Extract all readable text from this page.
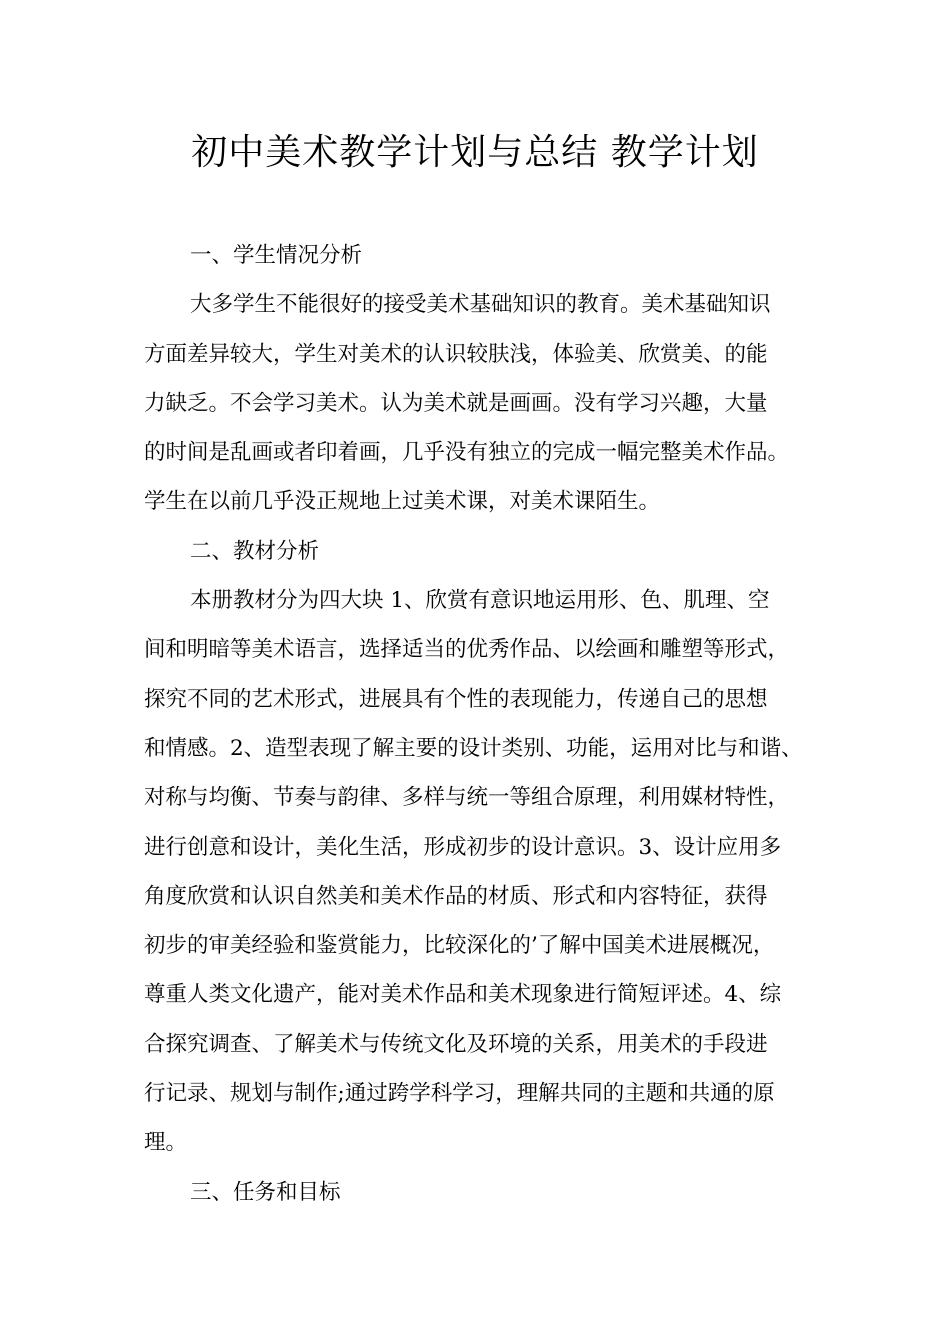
初中美术教学计划与总结 教学计划

一、学生情况分析

大多学生不能很好的接受美术基础知识的教育。美术基础知识

方面差异较大，学生对美术的认识较肤浅，体验美、欣赏美、的能

力缺乏。不会学习美术。认为美术就是画画。没有学习兴趣，大量

的时间是乱画或者印着画，几乎没有独立的完成一幅完整美术作品。

学生在以前几乎没正规地上过美术课，对美术课陌生。

二、教材分析

本册教材分为四大块 1、欣赏有意识地运用形、色、肌理、空

间和明暗等美术语言，选择适当的优秀作品、以绘画和雕塑等形式，

探究不同的艺术形式，进展具有个性的表现能力，传递自己的思想

和情感。2、造型表现了解主要的设计类别、功能，运用对比与和谐、

对称与均衡、节奏与韵律、多样与统一等组合原理，利用媒材特性，

进行创意和设计，美化生活，形成初步的设计意识。3、设计应用多

角度欣赏和认识自然美和美术作品的材质、形式和内容特征，获得

初步的审美经验和鉴赏能力，比较深化的’了解中国美术进展概况，

尊重人类文化遗产，能对美术作品和美术现象进行简短评述。4、综

合探究调查、了解美术与传统文化及环境的关系，用美术的手段进

行记录、规划与制作;通过跨学科学习，理解共同的主题和共通的原

理。

三、任务和目标
